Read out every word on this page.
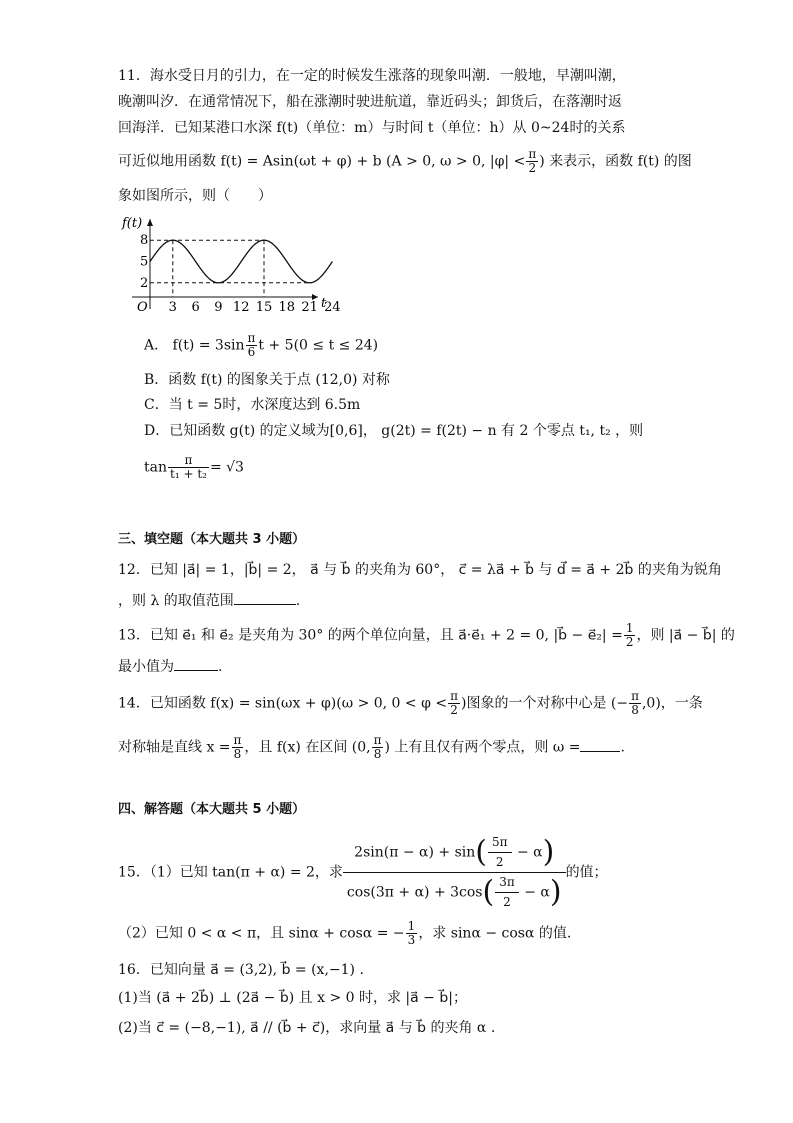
11．海水受日月的引力，在一定的时候发生涨落的现象叫潮．一般地，早潮叫潮，
晚潮叫汐．在通常情况下，船在涨潮时驶进航道，靠近码头；卸货后，在落潮时返
回海洋．已知某港口水深 f(t)（单位：m）与时间 t（单位：h）从 0~24时的关系
可近似地用函数 f(t) = Asin(ωt + φ) + b (A > 0, ω > 0, $|\varphi| < \frac{\pi}{2}$ ) 来表示，函数 f(t) 的图
象如图所示，则（　　）
f(t)
t
O
8
5
2
3 6 9 12 15 18 21 24
A． $f(t) = 3\sin \frac{\pi}{6}$ t + 5(0 ≤ t ≤ 24)
B．函数 f(t) 的图象关于点 (12,0) 对称
C．当 t = 5时，水深度达到 6.5m
D．已知函数 g(t) 的定义域为[0,6]， g(2t) = f(2t) − n 有 2 个零点 t₁, t₂ ，则
$\tan \frac{\pi}{\text{t₁ + t₂}} = √3$
三、填空题（本大题共 3 小题）
12．已知 |a⃗| = 1，|b⃗| = 2， a⃗ 与 b⃗ 的夹角为 60°， c⃗ = λa⃗ + b⃗ 与 d⃗ = a⃗ + 2b⃗ 的夹角为锐角
，则 λ 的取值范围	.
13．已知 e⃗₁ 和 e⃗₂ 是夹角为 30° 的两个单位向量，且 a⃗·e⃗₁ + 2 = 0, |b⃗ − e⃗₂| = $\frac{1}{2}$ ，则 |a⃗ − b⃗| 的
最小值为	.
14．已知函数 f(x) = sin(ωx + φ)(ω > 0, $0 < \varphi < \frac{\pi}{2}$ )图象的一个对称中心是 (− $\frac{\pi}{8} ,0$)，一条
对称轴是直线 $x = \frac{\pi}{8}$ ，且 f(x) 在区间 (0, $\frac{\pi}{8}$ ) 上有且仅有两个零点，则 ω =	.
四、解答题（本大题共 5 小题）
15．（1）已知 tan(π + α) = 2，求 $\frac{2\sin(\pi - \alpha) + \sin( \frac{5\pi}{2} - \alpha)}{\cos(3\pi + \alpha) + 3\cos( \frac{3\pi}{2} - \alpha)}$ 的值；
（2）已知 0 < α < π，且 sinα + cosα = − $\frac{1}{3}$ ，求 sinα − cosα 的值.
16．已知向量 a⃗ = (3,2), b⃗ = (x,−1) .
(1)当 (a⃗ + 2b⃗) ⊥ (2a⃗ − b⃗) 且 x > 0 时，求 |a⃗ − b⃗|；
(2)当 c⃗ = (−8,−1), a⃗ // (b⃗ + c⃗)，求向量 a⃗ 与 b⃗ 的夹角 α .
